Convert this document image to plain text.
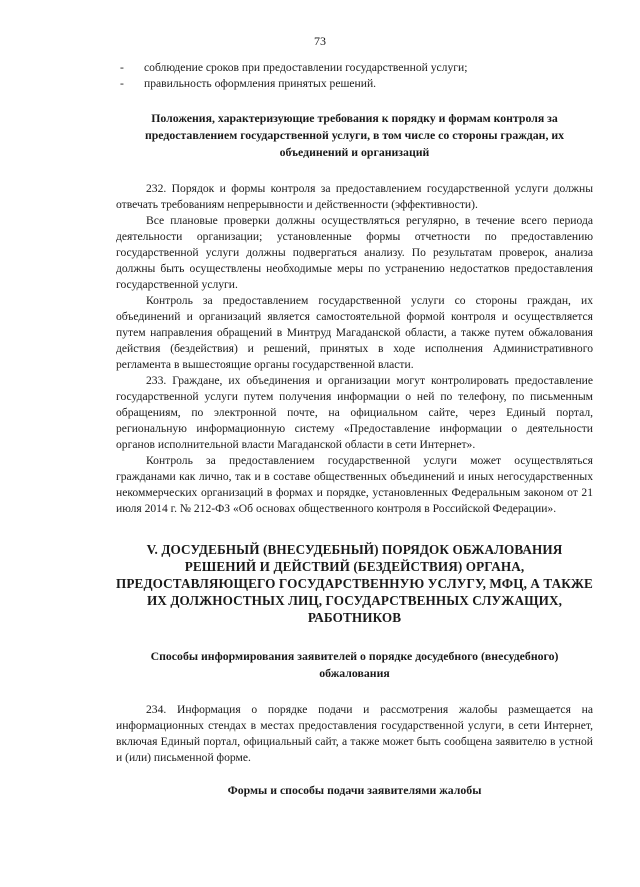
73

- соблюдение сроков при предоставлении государственной услуги;

- правильность оформления принятых решений.

Положения, характеризующие требования к порядку и формам контроля за предоставлением государственной услуги, в том числе со стороны граждан, их объединений и организаций

232. Порядок и формы контроля за предоставлением государственной услуги должны отвечать требованиям непрерывности и действенности (эффективности).

Все плановые проверки должны осуществляться регулярно, в течение всего периода деятельности организации; установленные формы отчетности по предоставлению государственной услуги должны подвергаться анализу. По результатам проверок, анализа должны быть осуществлены необходимые меры по устранению недостатков предоставления государственной услуги.

Контроль за предоставлением государственной услуги со стороны граждан, их объединений и организаций является самостоятельной формой контроля и осуществляется путем направления обращений в Минтруд Магаданской области, а также путем обжалования действия (бездействия) и решений, принятых в ходе исполнения Административного регламента в вышестоящие органы государственной власти.

233. Граждане, их объединения и организации могут контролировать предоставление государственной услуги путем получения информации о ней по телефону, по письменным обращениям, по электронной почте, на официальном сайте, через Единый портал, региональную информационную систему «Предоставление информации о деятельности органов исполнительной власти Магаданской области в сети Интернет».

Контроль за предоставлением государственной услуги может осуществляться гражданами как лично, так и в составе общественных объединений и иных негосударственных некоммерческих организаций в формах и порядке, установленных Федеральным законом от 21 июля 2014 г. № 212-ФЗ «Об основах общественного контроля в Российской Федерации».

V. ДОСУДЕБНЫЙ (ВНЕСУДЕБНЫЙ) ПОРЯДОК ОБЖАЛОВАНИЯ РЕШЕНИЙ И ДЕЙСТВИЙ (БЕЗДЕЙСТВИЯ) ОРГАНА, ПРЕДОСТАВЛЯЮЩЕГО ГОСУДАРСТВЕННУЮ УСЛУГУ, МФЦ, А ТАКЖЕ ИХ ДОЛЖНОСТНЫХ ЛИЦ, ГОСУДАРСТВЕННЫХ СЛУЖАЩИХ, РАБОТНИКОВ
Способы информирования заявителей о порядке досудебного (внесудебного) обжалования

234. Информация о порядке подачи и рассмотрения жалобы размещается на информационных стендах в местах предоставления государственной услуги, в сети Интернет, включая Единый портал, официальный сайт, а также может быть сообщена заявителю в устной и (или) письменной форме.

Формы и способы подачи заявителями жалобы
